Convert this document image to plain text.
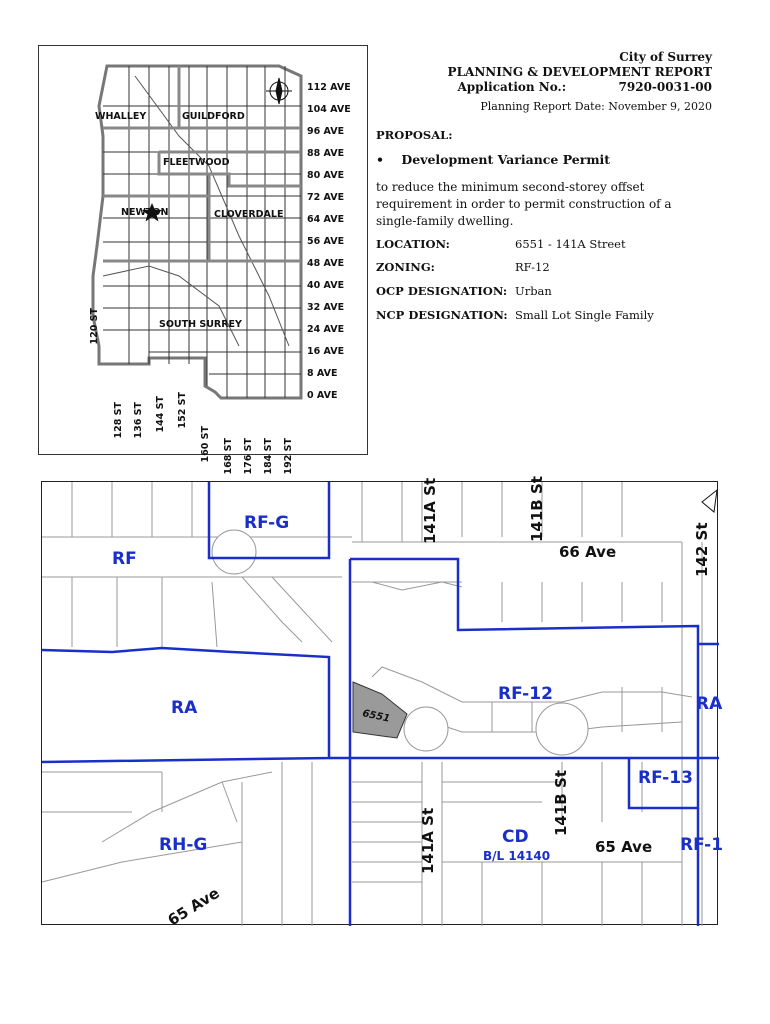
WHALLEY	GUILDFORD
FLEETWOOD
NEWTON	CLOVERDALE
SOUTH SURREY
112 AVE
104 AVE
96 AVE
88 AVE
80 AVE
72 AVE
64 AVE
56 AVE
48 AVE
40 AVE
32 AVE
24 AVE
16 AVE
8 AVE
0 AVE
120 ST
128 ST 136 ST 144 ST 152 ST
160 ST 168 ST 176 ST 184 ST 192 ST
City of Surrey
PLANNING & DEVELOPMENT REPORT
Application No.:	7920-0031-00
Planning Report Date: November 9, 2020
PROPOSAL:
•    Development Variance Permit
to reduce the minimum second-storey offset requirement in order to permit construction of a single-family dwelling.
LOCATION:	6551 - 141A Street
ZONING:	RF-12
OCP DESIGNATION: Urban
NCP DESIGNATION: Small Lot Single Family
RF-G
RF
RA
RF-12	RA
RF-13
RH-G	CD	RF-1
B/L 14140
141A St	141B St
142 St
66 Ave
141A St
141B St
65 Ave
65 Ave
6551
